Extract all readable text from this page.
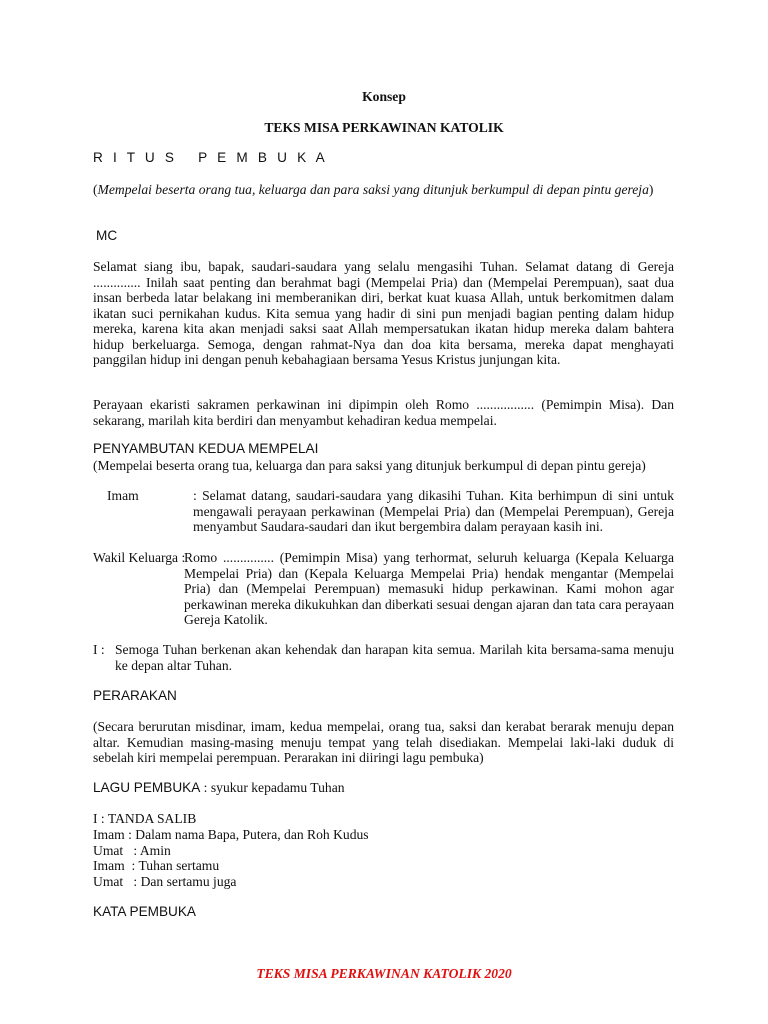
Konsep
TEKS MISA PERKAWINAN KATOLIK
R I T U S   P E M B U K A
(Mempelai beserta orang tua, keluarga dan para saksi yang ditunjuk berkumpul di depan pintu gereja)
MC
Selamat siang ibu, bapak, saudari-saudara yang selalu mengasihi Tuhan. Selamat datang di Gereja .............. Inilah saat penting dan berahmat bagi (Mempelai Pria) dan (Mempelai Perempuan), saat dua insan berbeda latar belakang ini memberanikan diri, berkat kuat kuasa Allah, untuk berkomitmen dalam ikatan suci pernikahan kudus. Kita semua yang hadir di sini pun menjadi bagian penting dalam hidup mereka, karena kita akan menjadi saksi saat Allah mempersatukan ikatan hidup mereka dalam bahtera hidup berkeluarga. Semoga, dengan rahmat-Nya dan doa kita bersama, mereka dapat menghayati panggilan hidup ini dengan penuh kebahagiaan bersama Yesus Kristus junjungan kita.
Perayaan ekaristi sakramen perkawinan ini dipimpin oleh Romo ................. (Pemimpin Misa). Dan sekarang, marilah kita berdiri dan menyambut kehadiran kedua mempelai.
PENYAMBUTAN KEDUA MEMPELAI
(Mempelai beserta orang tua, keluarga dan para saksi yang ditunjuk berkumpul di depan pintu gereja)
Imam	: Selamat datang, saudari-saudara yang dikasihi Tuhan. Kita berhimpun di sini untuk mengawali perayaan perkawinan (Mempelai Pria) dan (Mempelai Perempuan), Gereja menyambut Saudara-saudari dan ikut bergembira dalam perayaan kasih ini.
Wakil Keluarga :
Romo ............... (Pemimpin Misa) yang terhormat, seluruh keluarga (Kepala Keluarga Mempelai Pria) dan (Kepala Keluarga Mempelai Pria) hendak mengantar (Mempelai Pria) dan (Mempelai Perempuan) memasuki hidup perkawinan. Kami mohon agar perkawinan mereka dikukuhkan dan diberkati sesuai dengan ajaran dan tata cara perayaan Gereja Katolik.
I : Semoga Tuhan berkenan akan kehendak dan harapan kita semua. Marilah kita bersama-sama menuju ke depan altar Tuhan.
PERARAKAN
(Secara berurutan misdinar, imam, kedua mempelai, orang tua, saksi dan kerabat berarak menuju depan altar. Kemudian masing-masing menuju tempat yang telah disediakan. Mempelai laki-laki duduk di sebelah kiri mempelai perempuan. Perarakan ini diiringi lagu pembuka)
LAGU PEMBUKA : syukur kepadamu Tuhan
I : TANDA SALIB
Imam : Dalam nama Bapa, Putera, dan Roh Kudus
Umat   : Amin
Imam  : Tuhan sertamu
Umat   : Dan sertamu juga
KATA PEMBUKA
TEKS MISA PERKAWINAN KATOLIK 2020
